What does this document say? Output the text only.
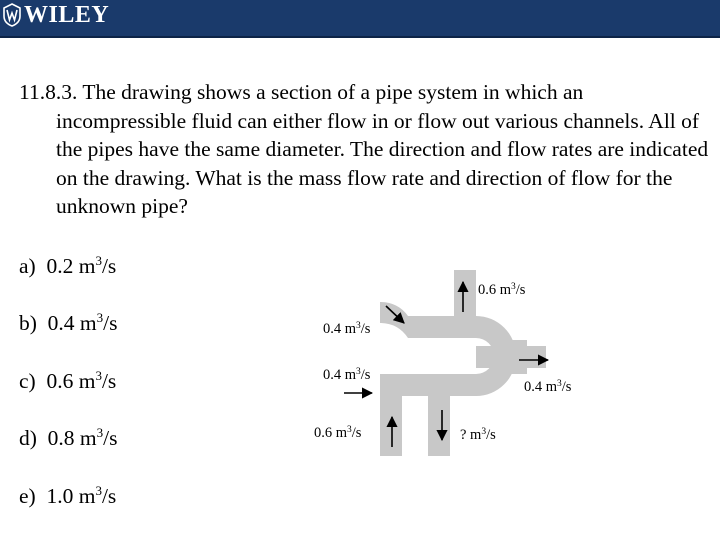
WILEY

11.8.3. The drawing shows a section of a pipe system in which an incompressible fluid can either flow in or flow out various channels. All of the pipes have the same diameter. The direction and flow rates are indicated on the drawing. What is the mass flow rate and direction of flow for the unknown pipe?

a) 0.2 $m^3/s$
b) 0.4 $m^3/s$
c) 0.6 $m^3/s$
d) 0.8 $m^3/s$
e) 1.0 $m^3/s$
0.6 $m^3/s$
0.4 $m^3/s$
0.4 $m^3/s$
0.4 $m^3/s$
0.6 $m^3/s$	? $m^3/s$
